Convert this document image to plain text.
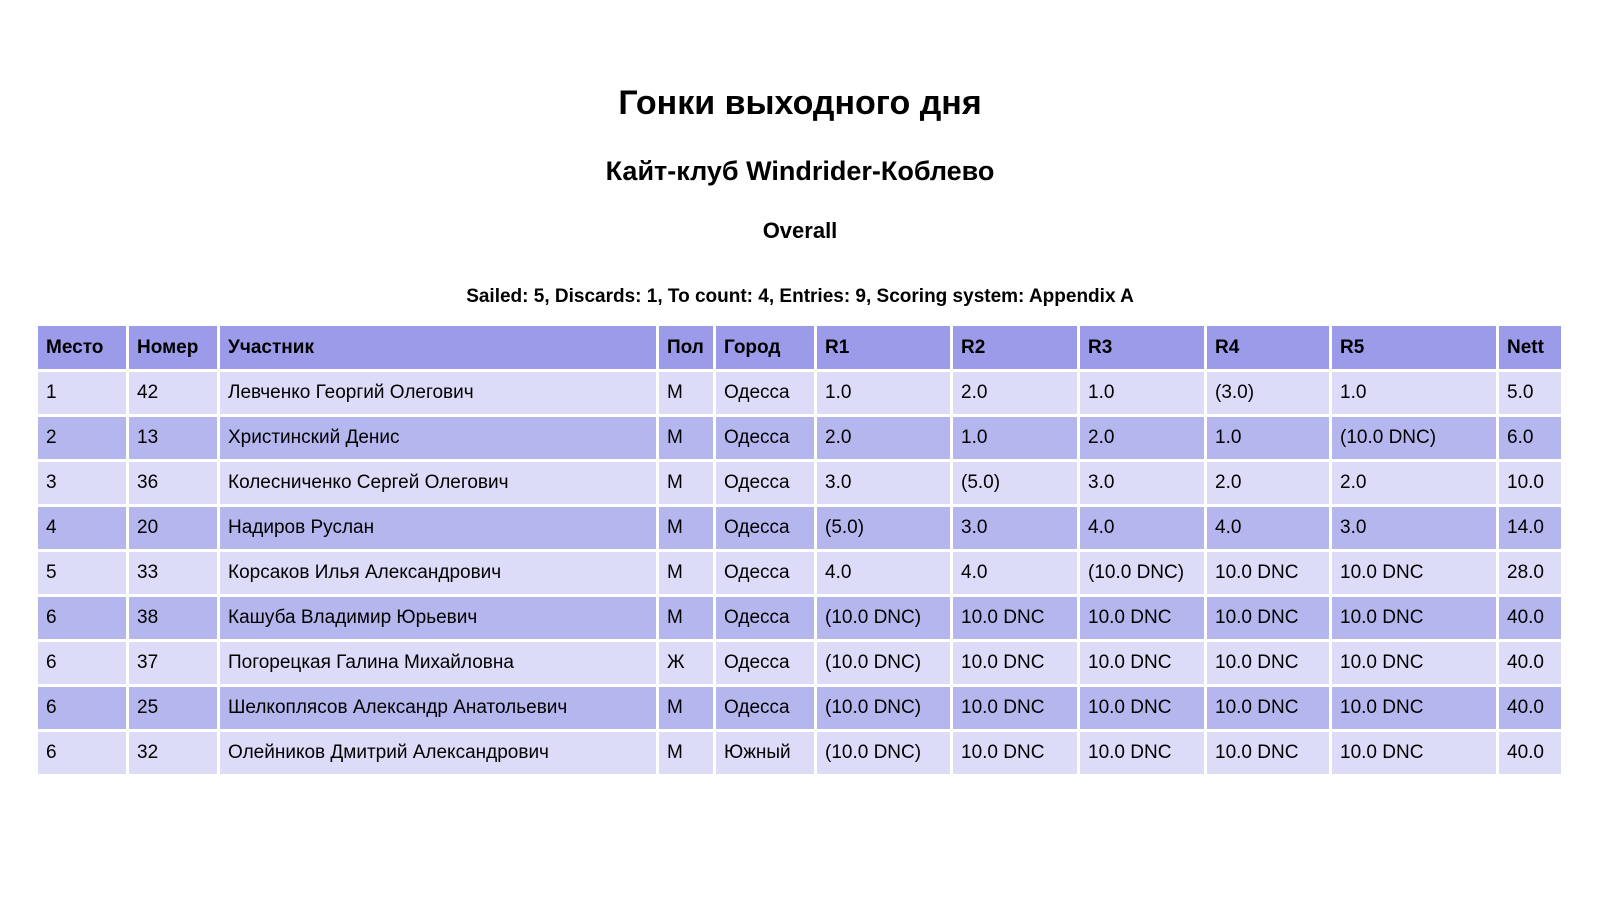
Гонки выходного дня
Кайт-клуб Windrider-Коблево
Overall

Sailed: 5, Discards: 1, To count: 4, Entries: 9, Scoring system: Appendix A

Место	Номер	Участник	Пол	Город	R1	R2	R3	R4	R5	Nett
1	42	Левченко Георгий Олегович	М	Одесса	1.0	2.0	1.0	(3.0)	1.0	5.0
2	13	Христинский Денис	М	Одесса	2.0	1.0	2.0	1.0	(10.0 DNC)	6.0
3	36	Колесниченко Сергей Олегович	М	Одесса	3.0	(5.0)	3.0	2.0	2.0	10.0
4	20	Надиров Руслан	М	Одесса	(5.0)	3.0	4.0	4.0	3.0	14.0
5	33	Корсаков Илья Александрович	М	Одесса	4.0	4.0	(10.0 DNC)	10.0 DNC	10.0 DNC	28.0
6	38	Кашуба Владимир Юрьевич	М	Одесса	(10.0 DNC)	10.0 DNC	10.0 DNC	10.0 DNC	10.0 DNC	40.0
6	37	Погорецкая Галина Михайловна	Ж	Одесса	(10.0 DNC)	10.0 DNC	10.0 DNC	10.0 DNC	10.0 DNC	40.0
6	25	Шелкоплясов Александр Анатольевич	М	Одесса	(10.0 DNC)	10.0 DNC	10.0 DNC	10.0 DNC	10.0 DNC	40.0
6	32	Олейников Дмитрий Александрович	М	Южный	(10.0 DNC)	10.0 DNC	10.0 DNC	10.0 DNC	10.0 DNC	40.0
